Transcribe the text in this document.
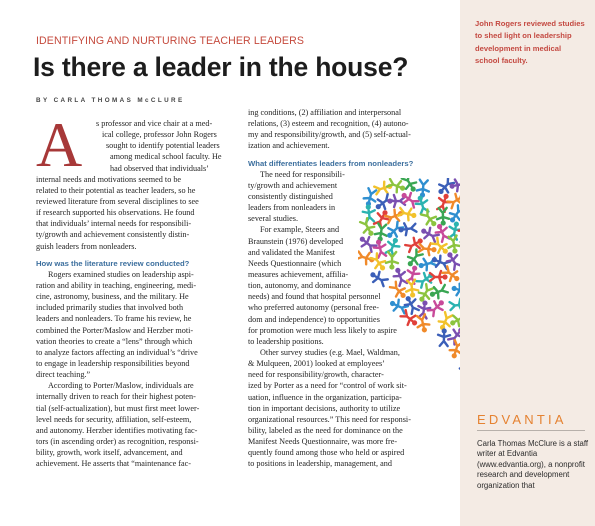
IDENTIFYING AND NURTURING TEACHER LEADERS
Is there a leader in the house?
BY CARLA THOMAS McCLURE
A	s professor and vice chair at a med-
ical college, professor John Rogers
sought to identify potential leaders
among medical school faculty. He
had observed that individuals’
internal needs and motivations seemed to be
related to their potential as teacher leaders, so he
reviewed literature from several disciplines to see
if research supported his observations. He found
that individuals’ internal needs for responsibili-
ty/growth and achievement consistently distin-
guish leaders from nonleaders.
How was the literature review conducted?
Rogers examined studies on leadership aspi-
ration and ability in teaching, engineering, medi-
cine, astronomy, business, and the military. He
included primarily studies that involved both
leaders and nonleaders. To frame his review, he
combined the Porter/Maslow and Herzber moti-
vation theories to create a “lens” through which
to analyze factors affecting an individual’s “drive
to engage in leadership responsibilities beyond
direct teaching.”
According to Porter/Maslow, individuals are
internally driven to reach for their highest poten-
tial (self-actualization), but must first meet lower-
level needs for security, affiliation, self-esteem,
and autonomy. Herzber identifies motivating fac-
tors (in ascending order) as recognition, responsi-
bility, growth, work itself, advancement, and
achievement. He asserts that “maintenance fac-
ing conditions, (2) affiliation and interpersonal
relations, (3) esteem and recognition, (4) autono-
my and responsibility/growth, and (5) self-actual-
ization and achievement.
What differentiates leaders from nonleaders?
The need for responsibili-
ty/growth and achievement
consistently distinguished
leaders from nonleaders in
several studies.
For example, Steers and
Braunstein (1976) developed
and validated the Manifest
Needs Questionnaire (which
measures achievement, affilia-
tion, autonomy, and dominance
needs) and found that hospital personnel
who preferred autonomy (personal free-
dom and independence) to opportunities
for promotion were much less likely to aspire
to leadership positions.
Other survey studies (e.g. Mael, Waldman,
& Mulqueen, 2001) looked at employees’
need for responsibility/growth, character-
ized by Porter as a need for “control of work sit-
uation, influence in the organization, participa-
tion in important decisions, authority to utilize
organizational resources.” This need for responsi-
bility, labeled as the need for dominance on the
Manifest Needs Questionnaire, was more fre-
quently found among those who held or aspired
to positions in leadership, management, and
John Rogers reviewed studies to shed light on leadership development in medical school faculty.
EDVANTIA
Carla Thomas McClure is a staff writer at Edvantia (www.edvantia.org), a nonprofit research and development organization that
